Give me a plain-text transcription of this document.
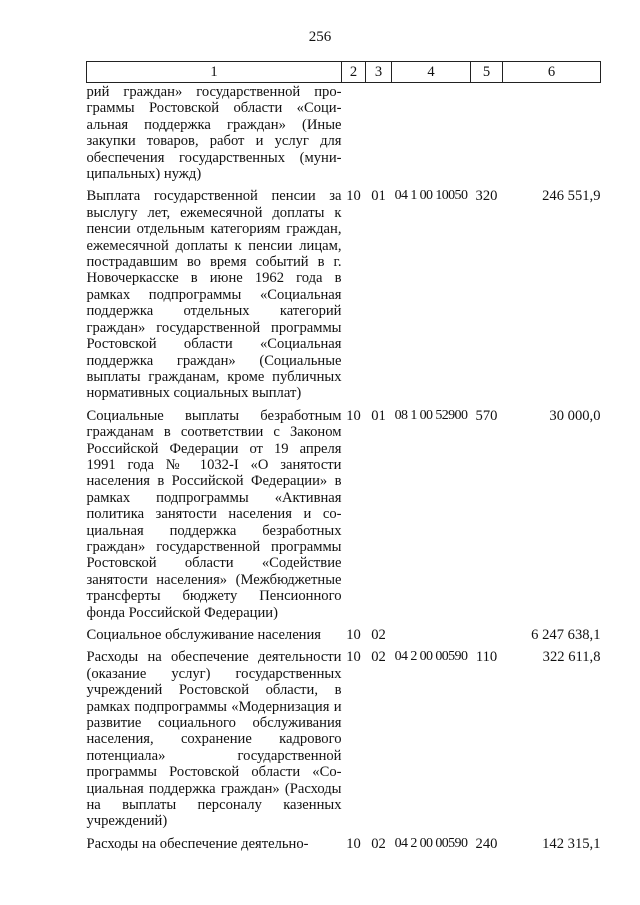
256
1	2	3	4	5	6
рий граждан» государственной программы Ростовской области «Социальная поддержка граждан» (Иные закупки товаров, работ и услуг для обеспечения государственных (муниципальных) нужд)					
Выплата государственной пенсии за выслугу лет, ежемесячной доплаты к пенсии отдельным категориям граждан, ежемесячной доплаты к пенсии лицам, пострадавшим во время событий в г. Новочеркасске в июне 1962 года в рамках подпрограммы «Социальная поддержка отдельных категорий граждан» государственной программы Ростовской области «Социальная поддержка граждан» (Социальные выплаты гражданам, кроме публичных нормативных социальных выплат)	10	01	04 1 00 10050	320	246 551,9
Социальные выплаты безработным гражданам в соответствии с Законом Российской Федерации от 19 апреля 1991 года № 1032-I «О занятости населения в Российской Федерации» в рамках подпрограммы «Активная политика занятости населения и социальная поддержка безработных граждан» государственной программы Ростовской области «Содействие занятости населения» (Межбюджетные трансферты бюджету Пенсионного фонда Российской Федерации)	10	01	08 1 00 52900	570	30 000,0
Социальное обслуживание населения	10	02			6 247 638,1
Расходы на обеспечение деятельности (оказание услуг) государственных учреждений Ростовской области, в рамках подпрограммы «Модернизация и развитие социального обслуживания населения, сохранение кадрового потенциала» государственной программы Ростовской области «Социальная поддержка граждан» (Расходы на выплаты персоналу казенных учреждений)	10	02	04 2 00 00590	110	322 611,8
Расходы на обеспечение деятельно-	10	02	04 2 00 00590	240	142 315,1
